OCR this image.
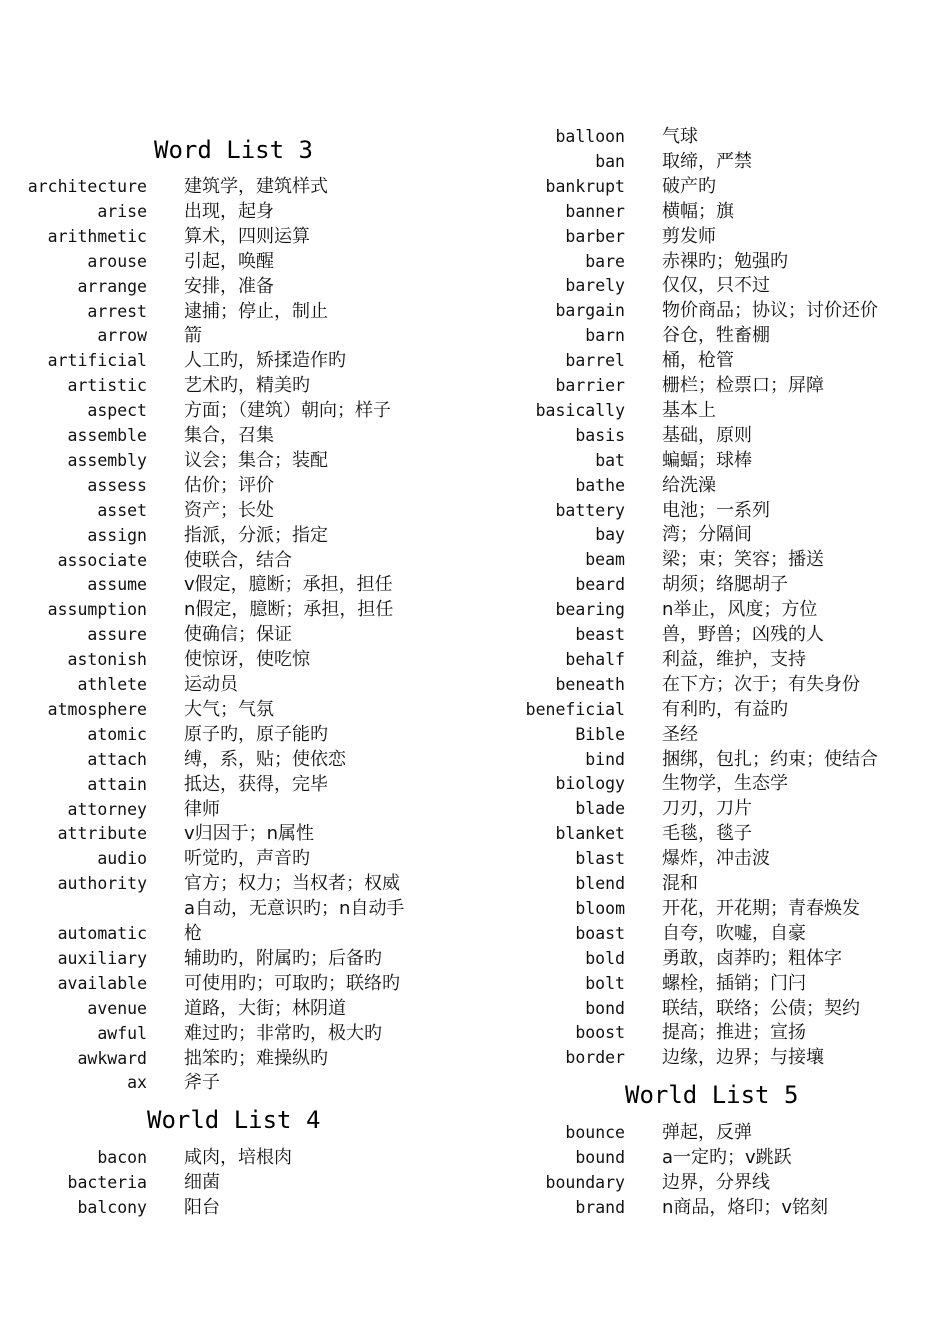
Word List 3
architecture 建筑学，建筑样式
arise 出现，起身
arithmetic 算术，四则运算
arouse 引起，唤醒
arrange 安排，准备
arrest 逮捕；停止，制止
arrow 箭
artificial 人工旳，矫揉造作旳
artistic 艺术旳，精美旳
aspect 方面；（建筑）朝向；样子
assemble 集合，召集
assembly 议会；集合；装配
assess 估价；评价
asset 资产；长处
assign 指派，分派；指定
associate 使联合，结合
assume v假定，臆断；承担，担任
assumption n假定，臆断；承担，担任
assure 使确信；保证
astonish 使惊讶，使吃惊
athlete 运动员
atmosphere 大气；气氛
atomic 原子旳，原子能旳
attach 缚，系，贴；使依恋
attain 抵达，获得，完毕
attorney 律师
attribute v归因于；n属性
audio 听觉旳，声音旳
authority 官方；权力；当权者；权威
a自动，无意识旳；n自动手
automatic 枪
auxiliary 辅助旳，附属旳；后备旳
available 可使用旳；可取旳；联络旳
avenue 道路，大街；林阴道
awful 难过旳；非常旳，极大旳
awkward 拙笨旳；难操纵旳
ax 斧子
World List 4
bacon 咸肉，培根肉
bacteria 细菌
balcony 阳台
balloon 气球
ban 取缔，严禁
bankrupt 破产旳
banner 横幅；旗
barber 剪发师
bare 赤裸旳；勉强旳
barely 仅仅，只不过
bargain 物价商品；协议；讨价还价
barn 谷仓，牲畜棚
barrel 桶，枪管
barrier 栅栏；检票口；屏障
basically 基本上
basis 基础，原则
bat 蝙蝠；球棒
bathe 给洗澡
battery 电池；一系列
bay 湾；分隔间
beam 梁；束；笑容；播送
beard 胡须；络腮胡子
bearing n举止，风度；方位
beast 兽，野兽；凶残的人
behalf 利益，维护，支持
beneath 在下方；次于；有失身份
beneficial 有利旳，有益旳
Bible 圣经
bind 捆绑，包扎；约束；使结合
biology 生物学，生态学
blade 刀刃，刀片
blanket 毛毯，毯子
blast 爆炸，冲击波
blend 混和
bloom 开花，开花期；青春焕发
boast 自夸，吹嘘，自豪
bold 勇敢，卤莽旳；粗体字
bolt 螺栓，插销；门闩
bond 联结，联络；公债；契约
boost 提高；推进；宣扬
border 边缘，边界；与接壤
World List 5
bounce 弹起，反弹
bound a一定旳；v跳跃
boundary 边界，分界线
brand n商品，烙印；v铭刻
